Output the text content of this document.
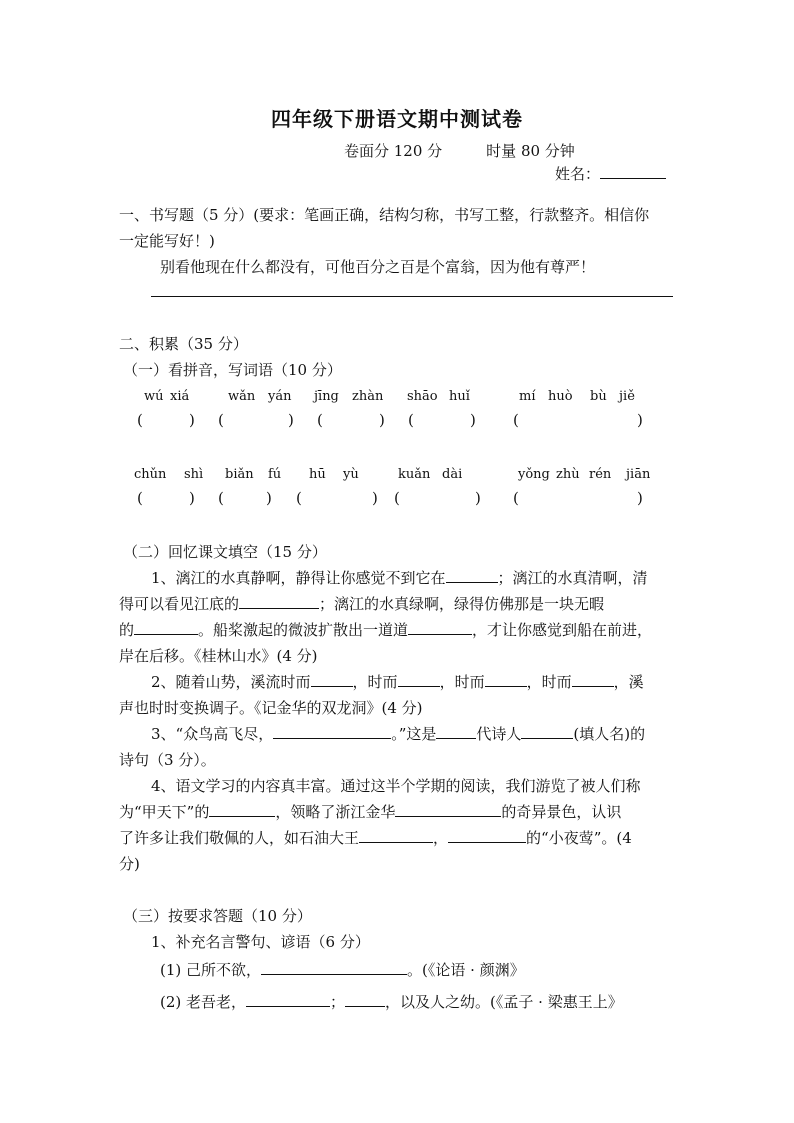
四年级下册语文期中测试卷
卷面分 120 分	时量 80 分钟
姓名：
一、书写题（5 分）(要求：笔画正确，结构匀称，书写工整，行款整齐。相信你
一定能写好！)
别看他现在什么都没有，可他百分之百是个富翁，因为他有尊严！
二、积累（35 分）
（一）看拼音，写词语（10 分）
wú xiá	wǎn yán jīng zhàn shāo huǐ	mí huò bù jiě
(	) (	) (	) (	) (	)
chǔn shì biǎn fú hū yù	kuǎn dài	yǒng zhù rén jiān
(	) (	) (	) (	) (	)
（二）回忆课文填空（15 分）
1、漓江的水真静啊，静得让你感觉不到它在	；漓江的水真清啊，清
得可以看见江底的	；漓江的水真绿啊，绿得仿佛那是一块无暇
的	。船桨激起的微波扩散出一道道	，才让你感觉到船在前进，
岸在后移。《桂林山水》(4 分)
2、随着山势，溪流时而	，时而	，时而	，时而	，溪
声也时时变换调子。《记金华的双龙洞》(4 分)
3、“众鸟高飞尽，	。”这是	代诗人	(填人名)的
诗句（3 分）。
4、语文学习的内容真丰富。通过这半个学期的阅读，我们游览了被人们称
为“甲天下”的	，领略了浙江金华	的奇异景色，认识
了许多让我们敬佩的人，如石油大王	，	的“小夜莺”。(4
分)
（三）按要求答题（10 分）
1、补充名言警句、谚语（6 分）
(1) 己所不欲，	。(《论语 · 颜渊》
(2) 老吾老，	；	，以及人之幼。(《孟子 · 梁惠王上》
